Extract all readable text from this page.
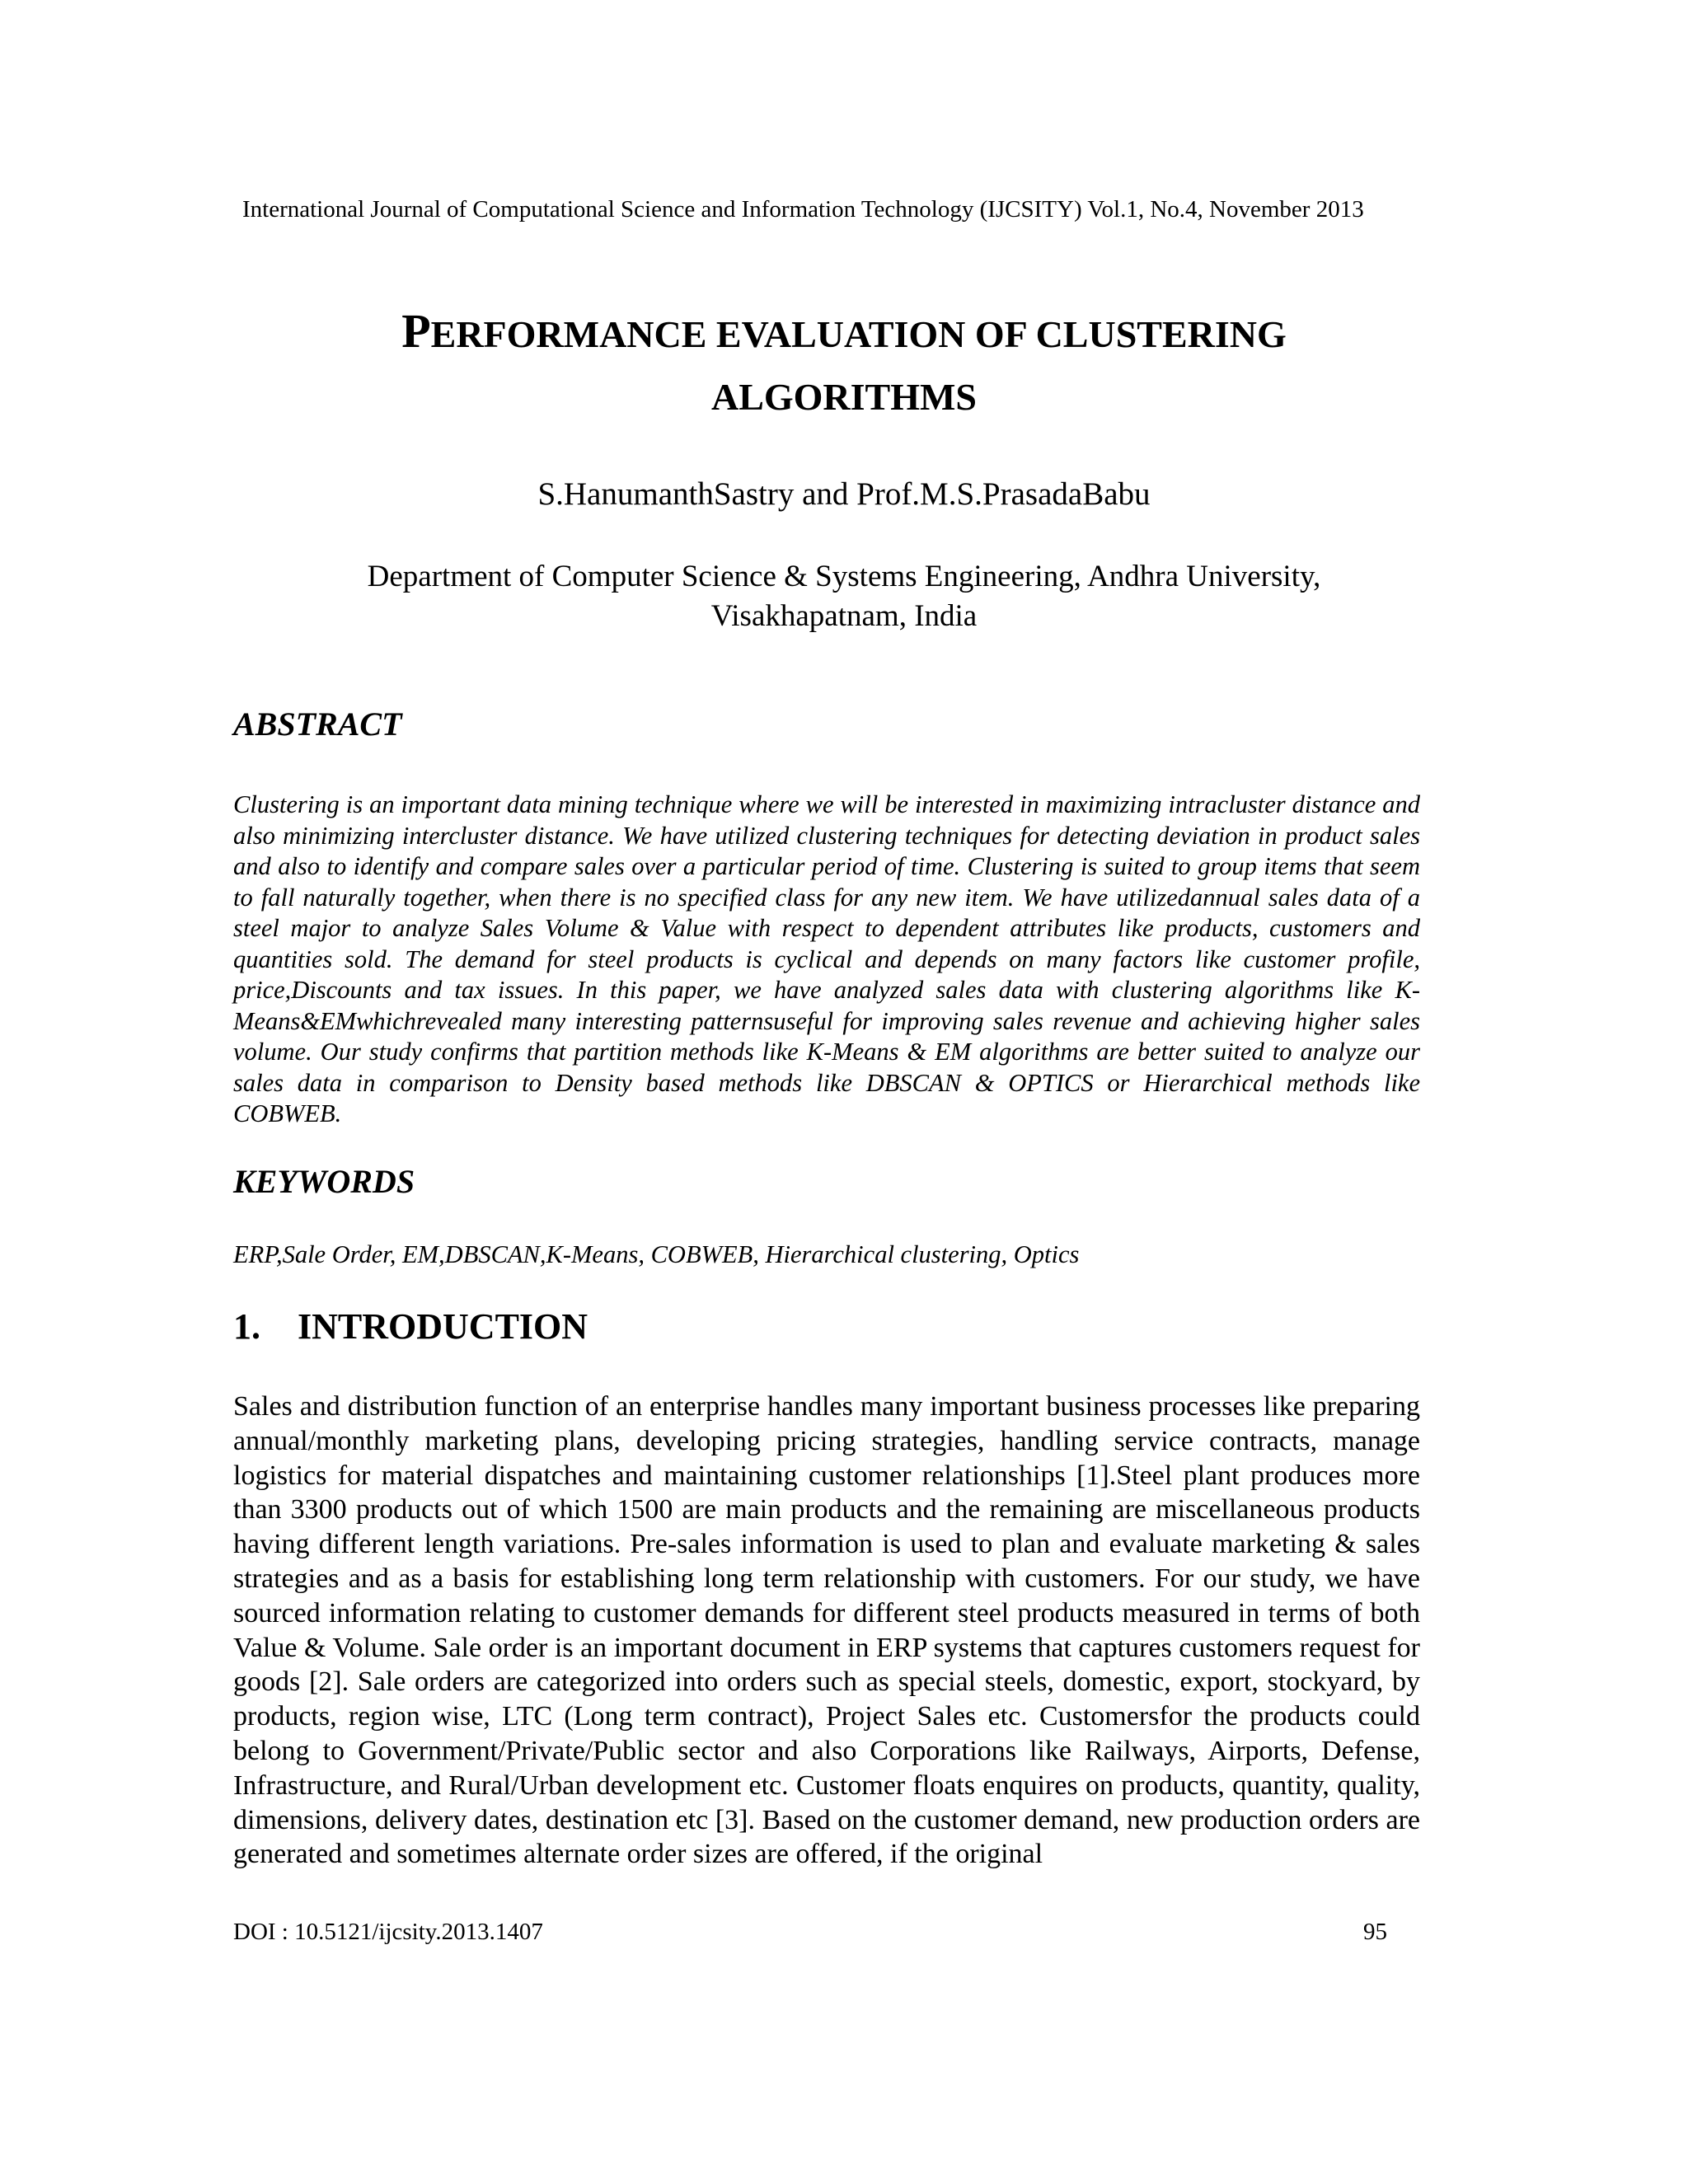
International Journal of Computational Science and Information Technology (IJCSITY) Vol.1, No.4, November 2013
PERFORMANCE EVALUATION OF CLUSTERING
ALGORITHMS
S.HanumanthSastry and Prof.M.S.PrasadaBabu
Department of Computer Science & Systems Engineering, Andhra University,
Visakhapatnam, India
ABSTRACT
Clustering is an important data mining technique where we will be interested in maximizing intracluster distance and also minimizing intercluster distance. We have utilized clustering techniques for detecting deviation in product sales and also to identify and compare sales over a particular period of time. Clustering is suited to group items that seem to fall naturally together, when there is no specified class for any new item. We have utilizedannual sales data of a steel major to analyze Sales Volume & Value with respect to dependent attributes like products, customers and quantities sold. The demand for steel products is cyclical and depends on many factors like customer profile, price,Discounts and tax issues. In this paper, we have analyzed sales data with clustering algorithms like K-Means&EMwhichrevealed many interesting patternsuseful for improving sales revenue and achieving higher sales volume. Our study confirms that partition methods like K-Means & EM algorithms are better suited to analyze our sales data in comparison to Density based methods like DBSCAN & OPTICS or Hierarchical methods like COBWEB.
KEYWORDS
ERP,Sale Order, EM,DBSCAN,K-Means, COBWEB, Hierarchical clustering, Optics
1. INTRODUCTION
Sales and distribution function of an enterprise handles many important business processes like preparing annual/monthly marketing plans, developing pricing strategies, handling service contracts, manage logistics for material dispatches and maintaining customer relationships [1].Steel plant produces more than 3300 products out of which 1500 are main products and the remaining are miscellaneous products having different length variations. Pre-sales information is used to plan and evaluate marketing & sales strategies and as a basis for establishing long term relationship with customers. For our study, we have sourced information relating to customer demands for different steel products measured in terms of both Value & Volume. Sale order is an important document in ERP systems that captures customers request for goods [2]. Sale orders are categorized into orders such as special steels, domestic, export, stockyard, by products, region wise, LTC (Long term contract), Project Sales etc. Customersfor the products could belong to Government/Private/Public sector and also Corporations like Railways, Airports, Defense, Infrastructure, and Rural/Urban development etc. Customer floats enquires on products, quantity, quality, dimensions, delivery dates, destination etc [3]. Based on the customer demand, new production orders are generated and sometimes alternate order sizes are offered, if the original
DOI : 10.5121/ijcsity.2013.1407	95
